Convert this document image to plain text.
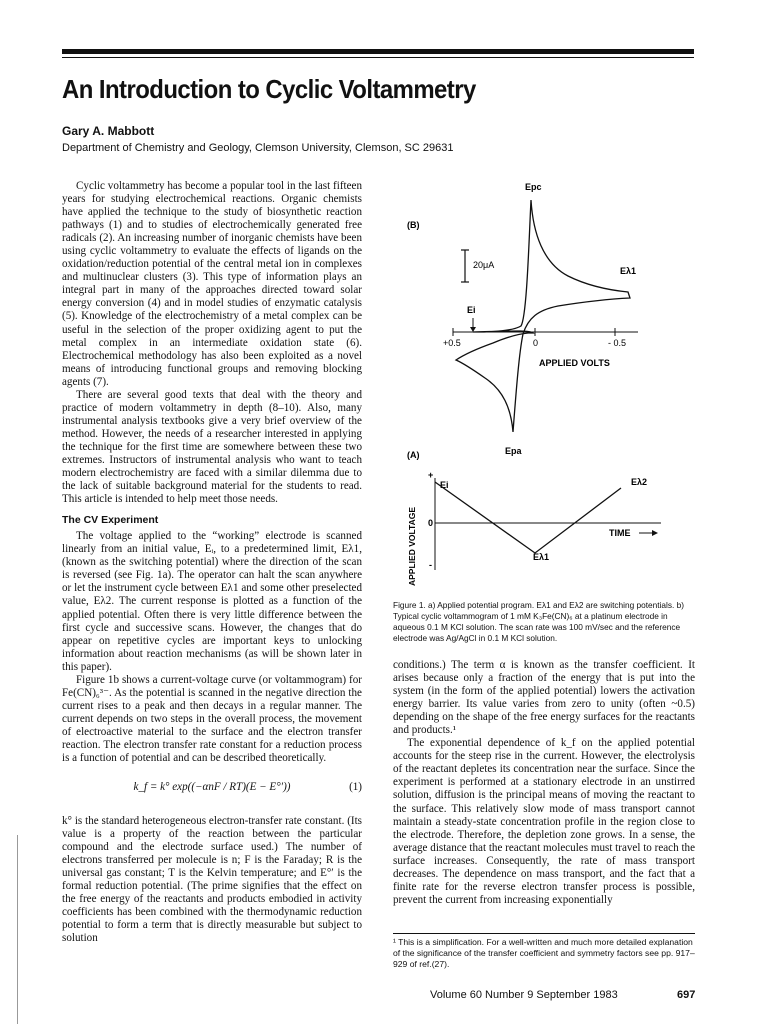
An Introduction to Cyclic Voltammetry
Gary A. Mabbott
Department of Chemistry and Geology, Clemson University, Clemson, SC 29631

Cyclic voltammetry has become a popular tool in the last fifteen years for studying electrochemical reactions. Organic chemists have applied the technique to the study of biosynthetic reaction pathways (1) and to studies of electrochemically generated free radicals (2). An increasing number of inorganic chemists have been using cyclic voltammetry to evaluate the effects of ligands on the oxidation/reduction potential of the central metal ion in complexes and multinuclear clusters (3). This type of information plays an integral part in many of the approaches directed toward solar energy conversion (4) and in model studies of enzymatic catalysis (5). Knowledge of the electrochemistry of a metal complex can be useful in the selection of the proper oxidizing agent to put the metal complex in an intermediate oxidation state (6). Electrochemical methodology has also been exploited as a novel means of introducing functional groups and removing blocking agents (7).

There are several good texts that deal with the theory and practice of modern voltammetry in depth (8–10). Also, many instrumental analysis textbooks give a very brief overview of the method. However, the needs of a researcher interested in applying the technique for the first time are somewhere between these two extremes. Instructors of instrumental analysis who want to teach modern electrochemistry are faced with a similar dilemma due to the lack of suitable background material for the students to read. This article is intended to help meet those needs.

The CV Experiment

The voltage applied to the “working” electrode is scanned linearly from an initial value, Eᵢ, to a predetermined limit, Eλ1, (known as the switching potential) where the direction of the scan is reversed (see Fig. 1a). The operator can halt the scan anywhere or let the instrument cycle between Eλ1 and some other preselected value, Eλ2. The current response is plotted as a function of the applied potential. Often there is very little difference between the first cycle and successive scans. However, the changes that do appear on repetitive cycles are important keys to unlocking information about reaction mechanisms (as will be shown later in this paper).

Figure 1b shows a current-voltage curve (or voltammogram) for Fe(CN)₆³⁻. As the potential is scanned in the negative direction the current rises to a peak and then decays in a regular manner. The current depends on two steps in the overall process, the movement of electroactive material to the surface and the electron transfer reaction. The electron transfer rate constant for a reduction process is a function of potential and can be described theoretically.

k_f = k° exp((−αnF / RT)(E − E°′))	(1)

k° is the standard heterogeneous electron-transfer rate constant. (Its value is a property of the reaction between the particular compound and the electrode surface used.) The number of electrons transferred per molecule is n; F is the Faraday; R is the universal gas constant; T is the Kelvin temperature; and E°′ is the formal reduction potential. (The prime signifies that the effect on the free energy of the reactants and products embodied in activity coefficients has been combined with the thermodynamic reduction potential to form a term that is directly measurable but subject to solution

(B)
Epc
20μA
Eλ1
Ei
+0.5	0	- 0.5
APPLIED VOLTS
Epa
(A)
APPLIED VOLTAGE
+
0
-
Ei	Eλ2
Eλ1
TIME
Figure 1. a) Applied potential program. Eλ1 and Eλ2 are switching potentials. b) Typical cyclic voltammogram of 1 mM K₃Fe(CN)₆ at a platinum electrode in aqueous 0.1 M KCl solution. The scan rate was 100 mV/sec and the reference electrode was Ag/AgCl in 0.1 M KCl solution.

conditions.) The term α is known as the transfer coefficient. It arises because only a fraction of the energy that is put into the system (in the form of the applied potential) lowers the activation energy barrier. Its value varies from zero to unity (often ~0.5) depending on the shape of the free energy surfaces for the reactants and products.¹

The exponential dependence of k_f on the applied potential accounts for the steep rise in the current. However, the electrolysis of the reactant depletes its concentration near the surface. Since the experiment is performed at a stationary electrode in an unstirred solution, diffusion is the principal means of moving the reactant to the surface. This relatively slow mode of mass transport cannot maintain a steady-state concentration profile in the region close to the electrode. Therefore, the depletion zone grows. In a sense, the average distance that the reactant molecules must travel to reach the surface increases. Consequently, the rate of mass transport decreases. The dependence on mass transport, and the fact that a finite rate for the reverse electron transfer process is possible, prevent the current from increasing exponentially

¹ This is a simplification. For a well-written and much more detailed explanation of the significance of the transfer coefficient and symmetry factors see pp. 917–929 of ref.(27).
Volume 60 Number 9 September 1983	697
